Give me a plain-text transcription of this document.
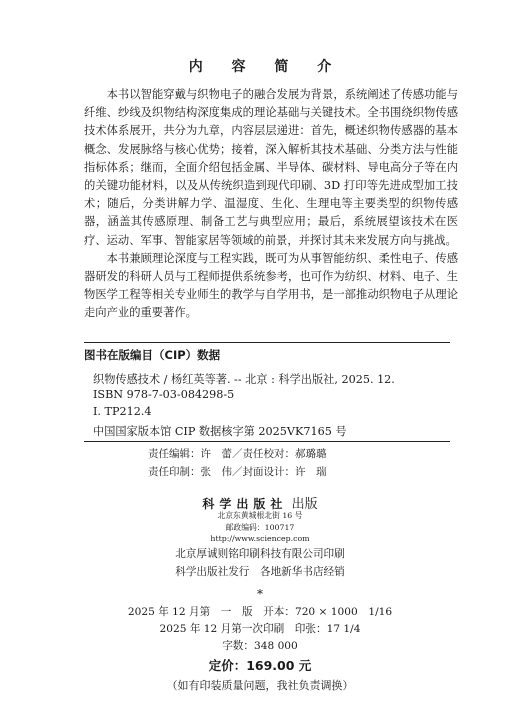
内 容 简 介

本书以智能穿戴与织物电子的融合发展为背景，系统阐述了传感功能与纤维、纱线及织物结构深度集成的理论基础与关键技术。全书围绕织物传感技术体系展开，共分为九章，内容层层递进：首先，概述织物传感器的基本概念、发展脉络与核心优势；接着，深入解析其技术基础、分类方法与性能指标体系；继而，全面介绍包括金属、半导体、碳材料、导电高分子等在内的关键功能材料，以及从传统织造到现代印刷、3D 打印等先进成型加工技术；随后，分类讲解力学、温湿度、生化、生理电等主要类型的织物传感器，涵盖其传感原理、制备工艺与典型应用；最后，系统展望该技术在医疗、运动、军事、智能家居等领域的前景，并探讨其未来发展方向与挑战。

本书兼顾理论深度与工程实践，既可为从事智能纺织、柔性电子、传感器研发的科研人员与工程师提供系统参考，也可作为纺织、材料、电子、生物医学工程等相关专业师生的教学与自学用书，是一部推动织物电子从理论走向产业的重要著作。

图书在版编目（CIP）数据
织物传感技术 / 杨红英等著. -- 北京 : 科学出版社, 2025. 12.
ISBN 978-7-03-084298-5
Ⅰ. TP212.4
中国国家版本馆 CIP 数据核字第 2025VK7165 号
责任编辑：许　蕾／责任校对：郝璐璐
责任印制：张　伟／封面设计：许　瑞
科学出版社 出版
北京东黄城根北街 16 号
邮政编码：100717
http://www.sciencep.com
北京厚诚则铭印刷科技有限公司印刷
科学出版社发行　各地新华书店经销
*
2025 年 12 月第　一　版　开本：720 × 1000　1/16
2025 年 12 月第一次印刷　印张：17 1/4
字数：348 000
定价：169.00 元
（如有印装质量问题，我社负责调换）
